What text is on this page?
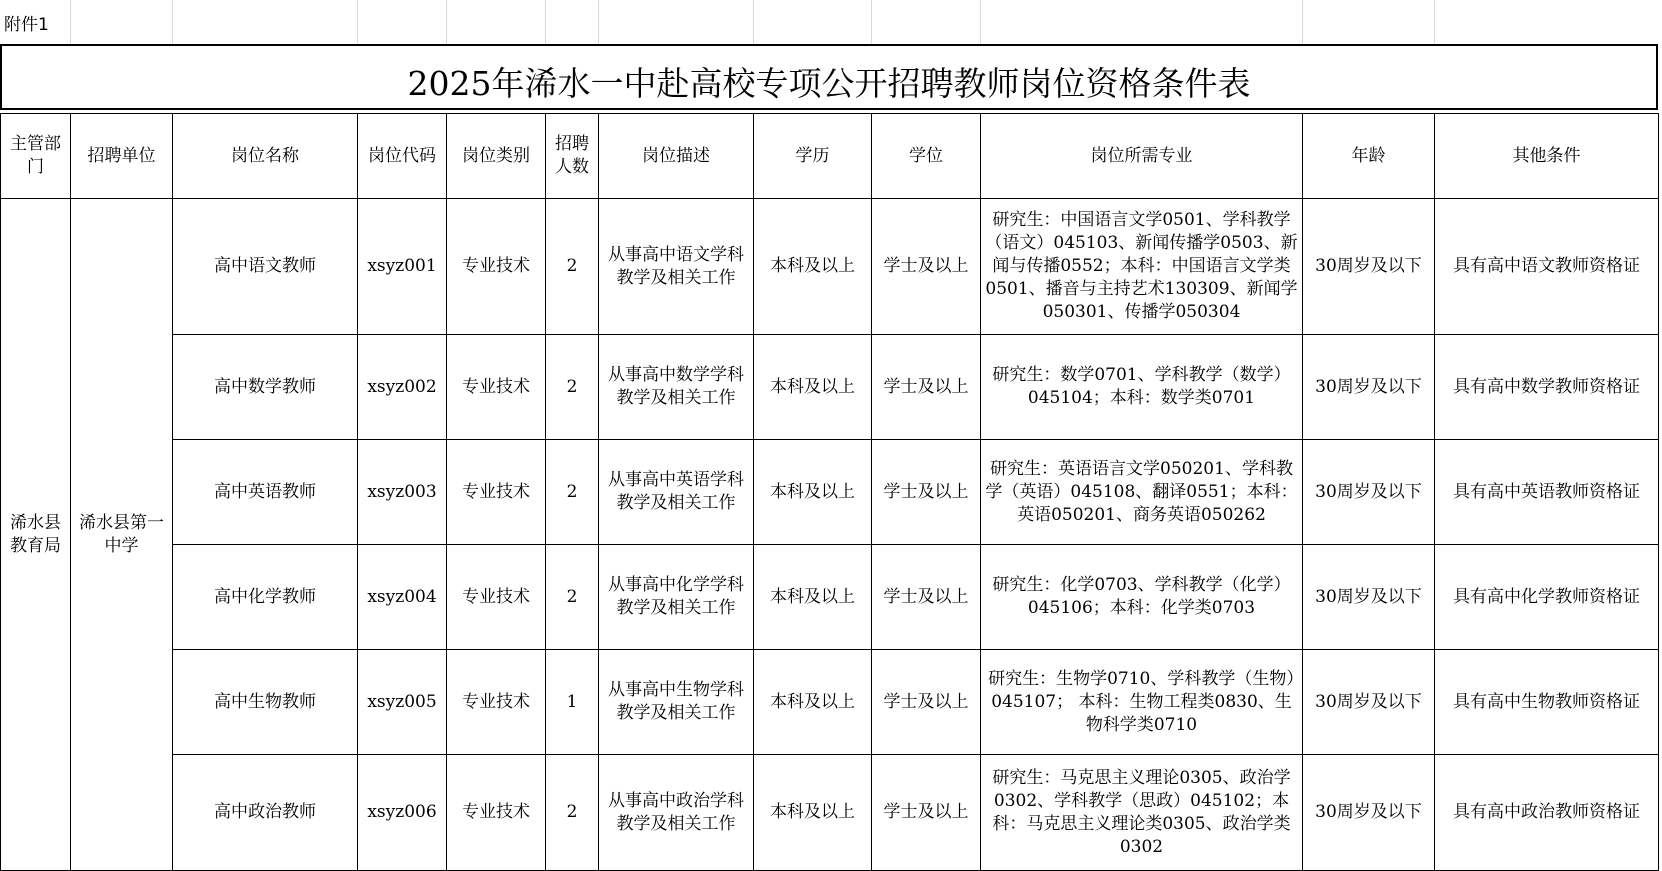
附件1
2025年浠水一中赴高校专项公开招聘教师岗位资格条件表
主管部门	招聘单位	岗位名称	岗位代码	岗位类别	招聘人数	岗位描述	学历	学位	岗位所需专业	年龄	其他条件
浠水县教育局	浠水县第一中学	高中语文教师	xsyz001	专业技术	2	从事高中语文学科教学及相关工作	本科及以上	学士及以上	研究生：中国语言文学0501、学科教学（语文）045103、新闻传播学0503、新闻与传播0552；本科：中国语言文学类0501、播音与主持艺术130309、新闻学050301、传播学050304	30周岁及以下	具有高中语文教师资格证
		高中数学教师	xsyz002	专业技术	2	从事高中数学学科教学及相关工作	本科及以上	学士及以上	研究生：数学0701、学科教学（数学）045104；本科：数学类0701	30周岁及以下	具有高中数学教师资格证
		高中英语教师	xsyz003	专业技术	2	从事高中英语学科教学及相关工作	本科及以上	学士及以上	研究生：英语语言文学050201、学科教学（英语）045108、翻译0551；本科：英语050201、商务英语050262	30周岁及以下	具有高中英语教师资格证
		高中化学教师	xsyz004	专业技术	2	从事高中化学学科教学及相关工作	本科及以上	学士及以上	研究生：化学0703、学科教学（化学）045106；本科：化学类0703	30周岁及以下	具有高中化学教师资格证
		高中生物教师	xsyz005	专业技术	1	从事高中生物学科教学及相关工作	本科及以上	学士及以上	研究生：生物学0710、学科教学（生物）045107； 本科：生物工程类0830、生物科学类0710	30周岁及以下	具有高中生物教师资格证
		高中政治教师	xsyz006	专业技术	2	从事高中政治学科教学及相关工作	本科及以上	学士及以上	研究生：马克思主义理论0305、政治学0302、学科教学（思政）045102；本科：马克思主义理论类0305、政治学类0302	30周岁及以下	具有高中政治教师资格证
